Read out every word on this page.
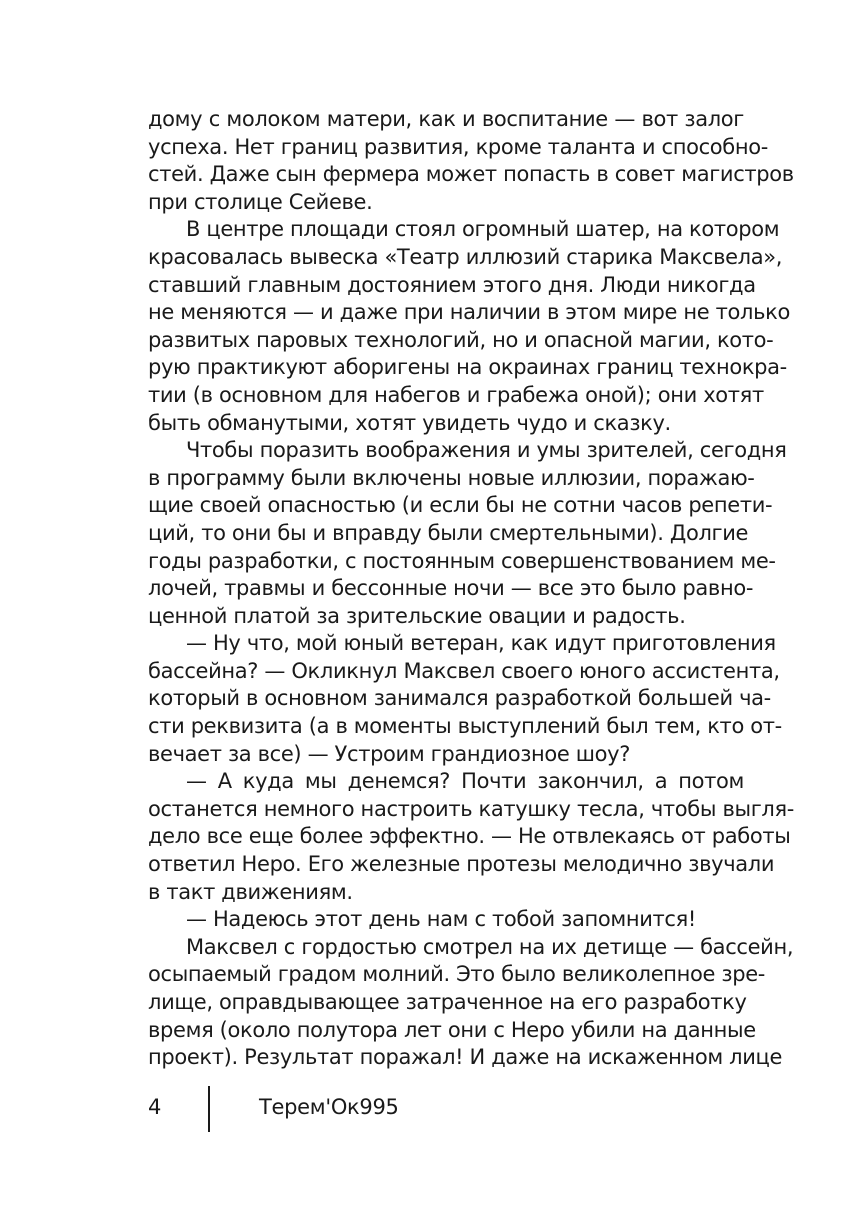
дому с молоком матери, как и воспитание — вот залог
успеха. Нет границ развития, кроме таланта и способно-
стей. Даже сын фермера может попасть в совет магистров
при столице Сейеве.
В центре площади стоял огромный шатер, на котором
красовалась вывеска «Театр иллюзий старика Максвела»,
ставший главным достоянием этого дня. Люди никогда
не меняются — и даже при наличии в этом мире не только
развитых паровых технологий, но и опасной магии, кото-
рую практикуют аборигены на окраинах границ технокра-
тии (в основном для набегов и грабежа оной); они хотят
быть обманутыми, хотят увидеть чудо и сказку.
Чтобы поразить воображения и умы зрителей, сегодня
в программу были включены новые иллюзии, поражаю-
щие своей опасностью (и если бы не сотни часов репети-
ций, то они бы и вправду были смертельными). Долгие
годы разработки, с постоянным совершенствованием ме-
лочей, травмы и бессонные ночи — все это было равно-
ценной платой за зрительские овации и радость.
— Ну что, мой юный ветеран, как идут приготовления
бассейна? — Окликнул Максвел своего юного ассистента,
который в основном занимался разработкой большей ча-
сти реквизита (а в моменты выступлений был тем, кто от-
вечает за все) — Устроим грандиозное шоу?
— А куда мы денемся? Почти закончил, а потом
останется немного настроить катушку тесла, чтобы выгля-
дело все еще более эффектно. — Не отвлекаясь от работы
ответил Неро. Его железные протезы мелодично звучали
в такт движениям.
— Надеюсь этот день нам с тобой запомнится!
Максвел с гордостью смотрел на их детище — бассейн,
осыпаемый градом молний. Это было великолепное зре-
лище, оправдывающее затраченное на его разработку
время (около полутора лет они с Неро убили на данные
проект). Результат поражал! И даже на искаженном лице
4	Терем'Ок995
